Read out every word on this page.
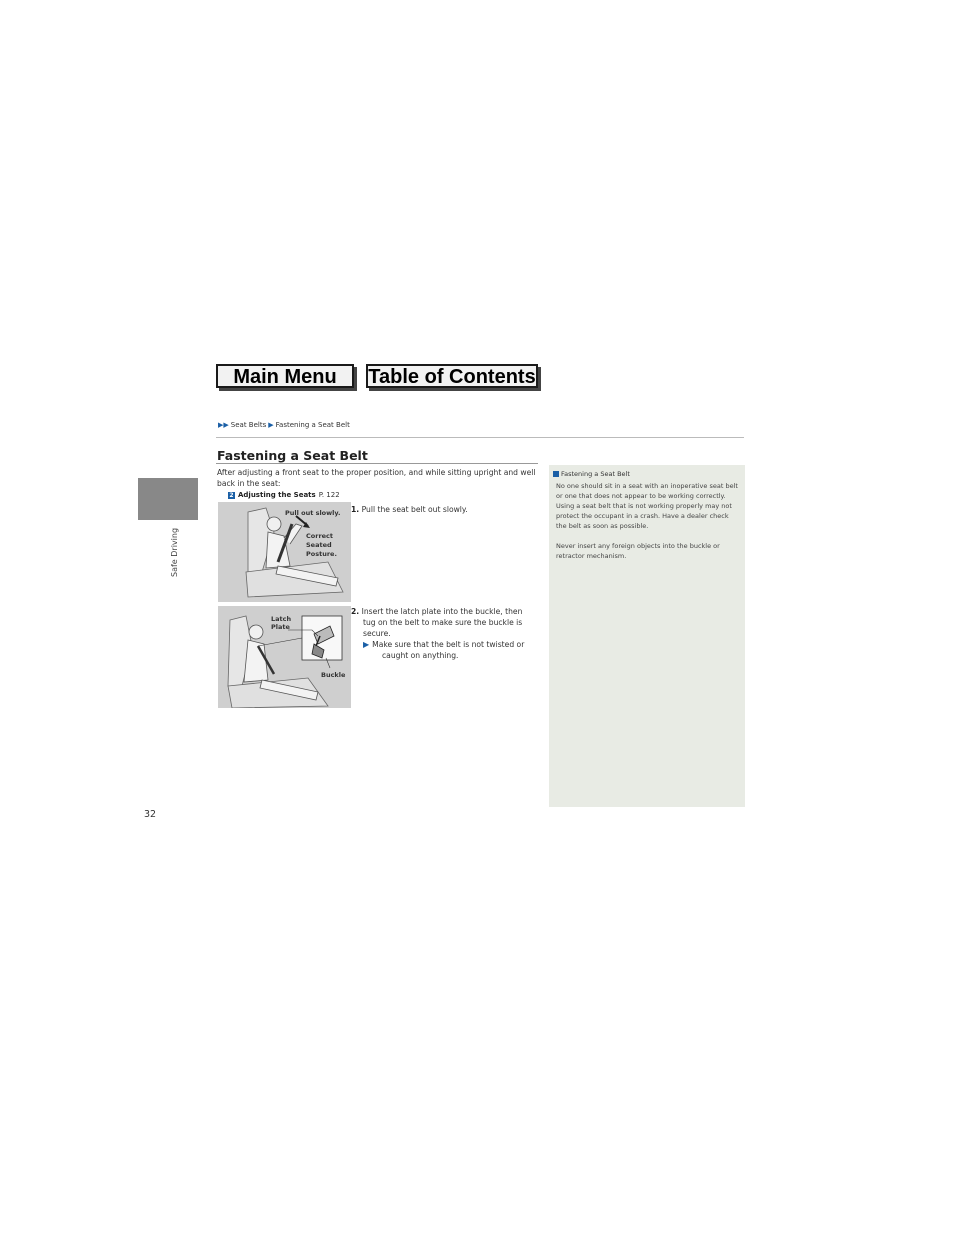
Main Menu	Table of Contents
▶▶ Seat Belts ▶ Fastening a Seat Belt
Safe Driving
Fastening a Seat Belt
After adjusting a front seat to the proper position, and while sitting upright and well back in the seat:
2 Adjusting the Seats P. 122
Pull out slowly.
Correct
Seated
Posture.
Latch
Plate
Buckle
1. Pull the seat belt out slowly.
2. Insert the latch plate into the buckle, then
tug on the belt to make sure the buckle is
secure.
▶ Make sure that the belt is not twisted or
caught on anything.
Fastening a Seat Belt

No one should sit in a seat with an inoperative seat belt or one that does not appear to be working correctly. Using a seat belt that is not working properly may not protect the occupant in a crash. Have a dealer check the belt as soon as possible.

Never insert any foreign objects into the buckle or retractor mechanism.

32
